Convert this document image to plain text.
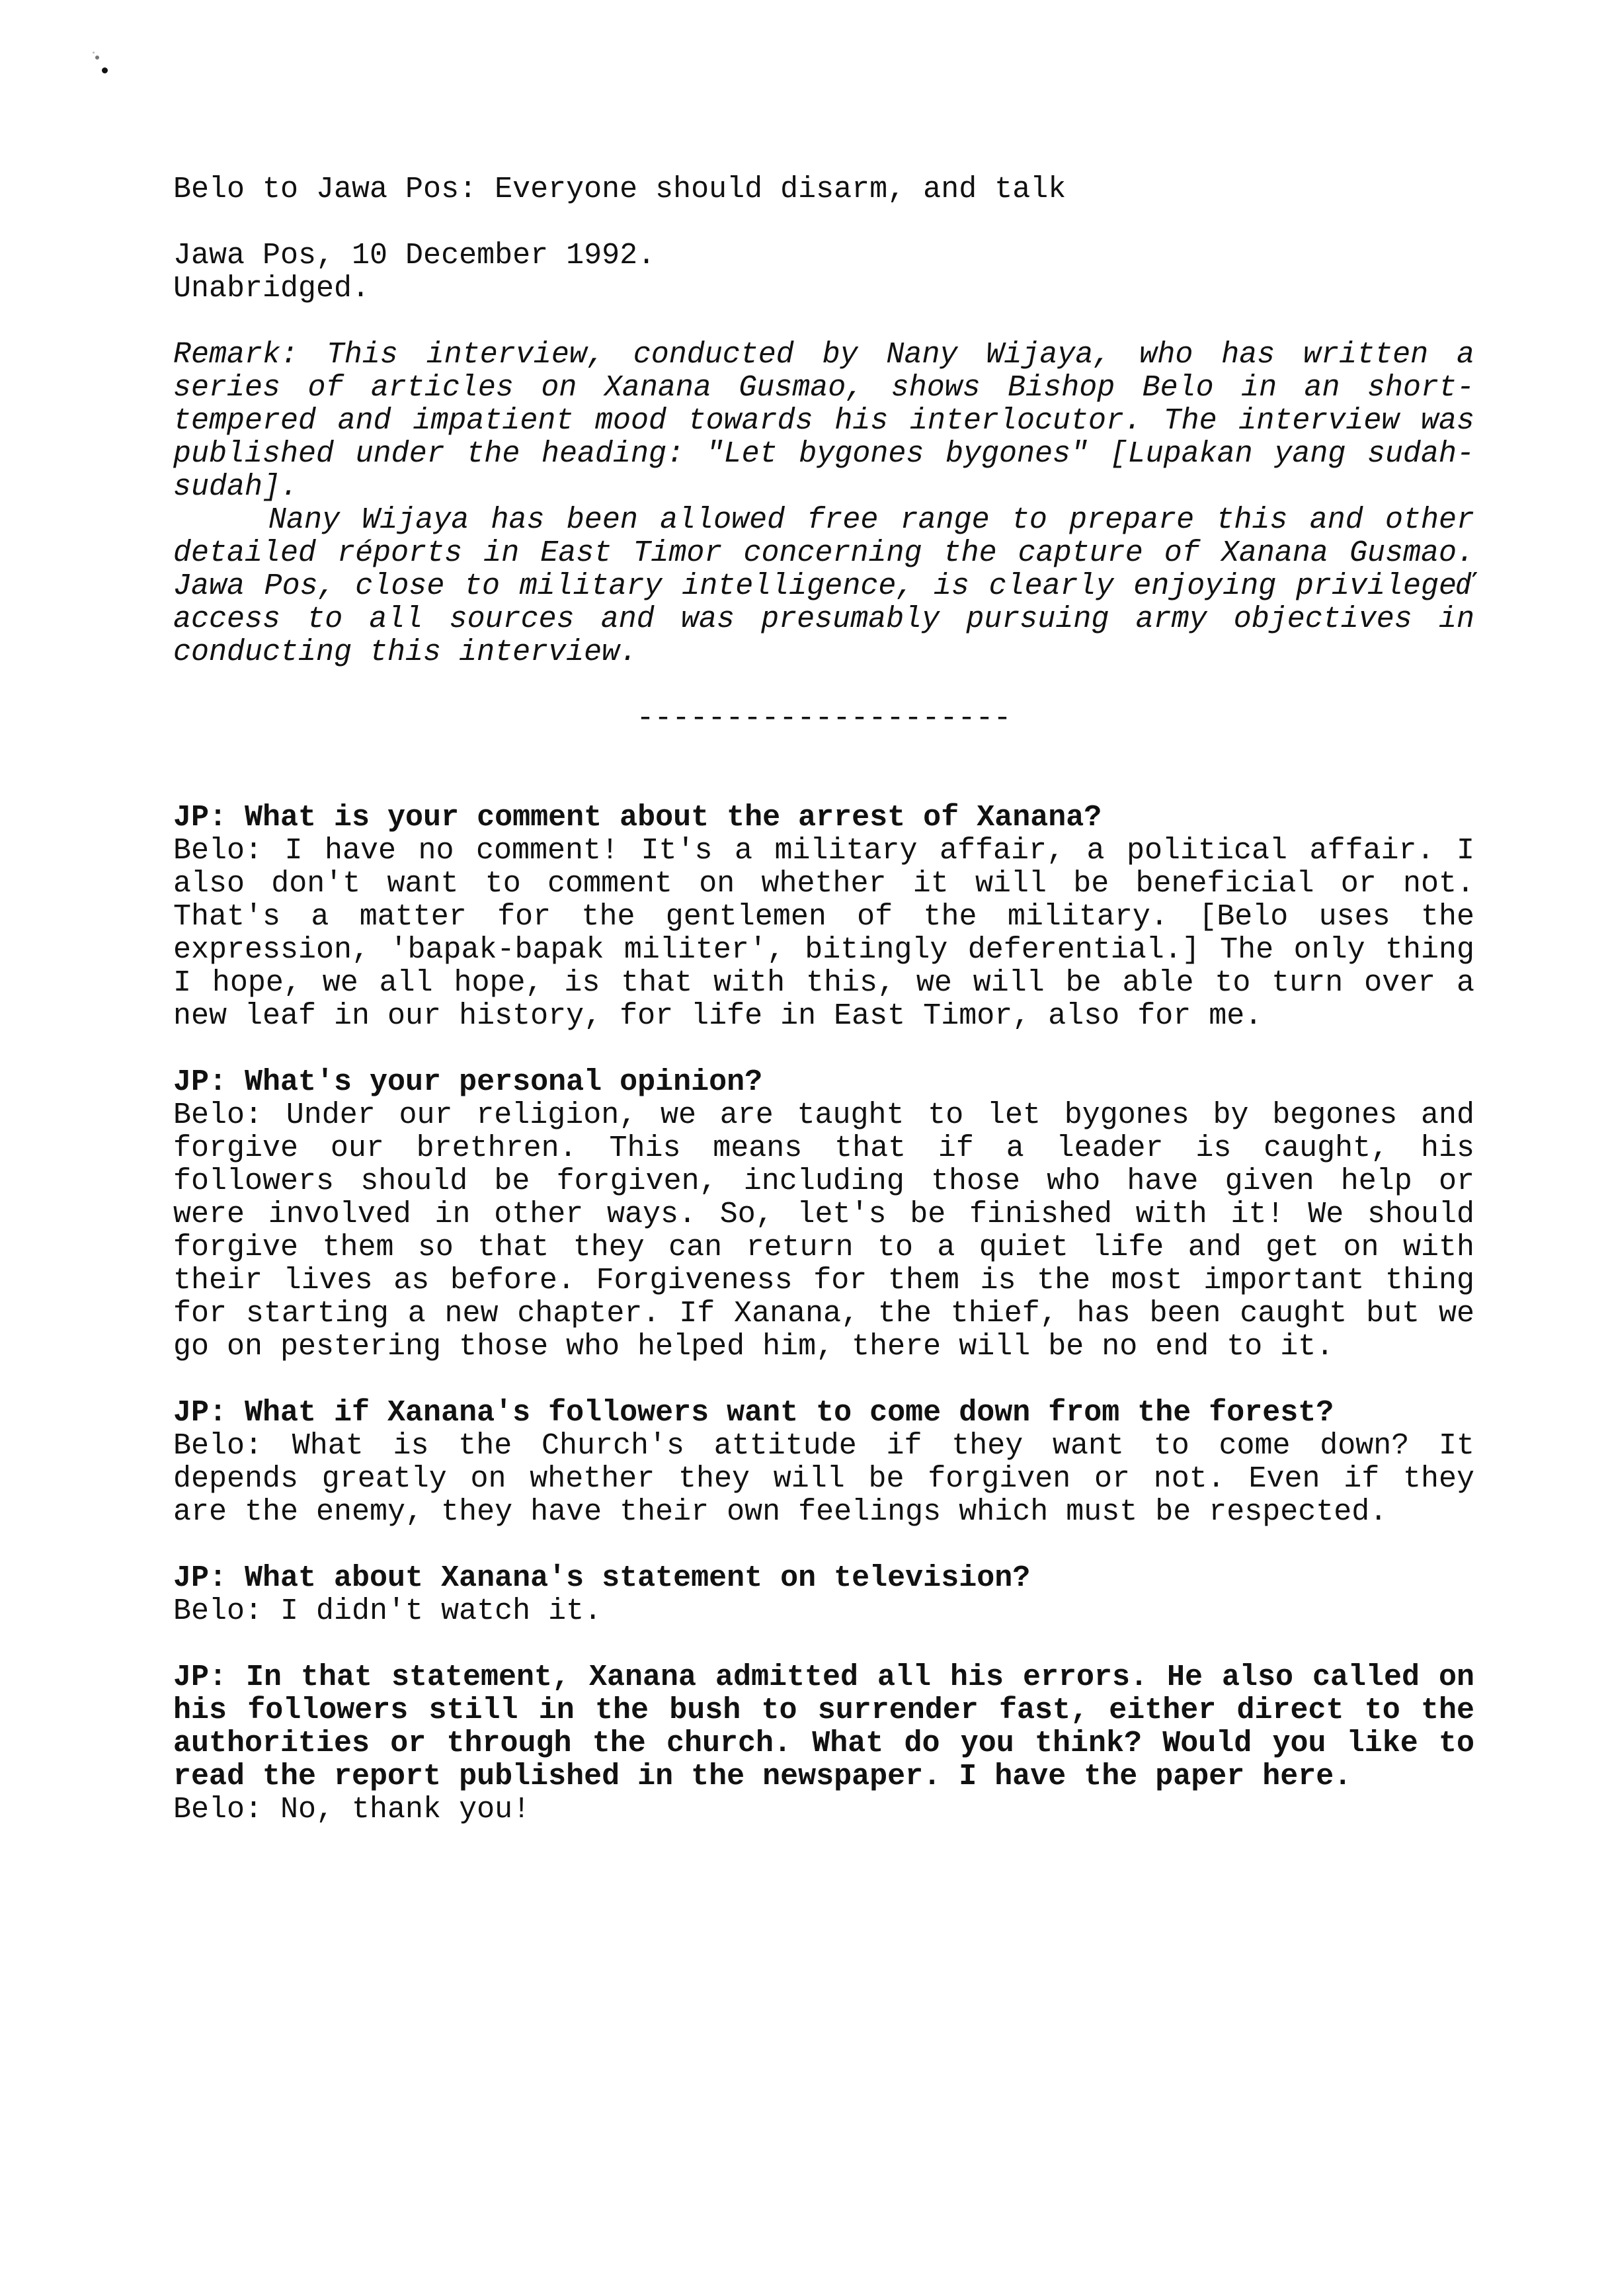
Belo to Jawa Pos: Everyone should disarm, and talk
Jawa Pos, 10 December 1992.
Unabridged.

Remark: This interview, conducted by Nany Wijaya, who has written a series of articles on Xanana Gusmao, shows Bishop Belo in an short-tempered and impatient mood towards his interlocutor. The interview was published under the heading: "Let bygones bygones" [Lupakan yang sudah-sudah].

Nany Wijaya has been allowed free range to prepare this and other detailed réports in East Timor concerning the capture of Xanana Gusmao. Jawa Pos, close to military intelligence, is clearly enjoying privilegeď access to all sources and was presumably pursuing army objectives in conducting this interview.

---------------------
JP: What is your comment about the arrest of Xanana?
Belo: I have no comment! It's a military affair, a political affair. I also don't want to comment on whether it will be beneficial or not. That's a matter for the gentlemen of the military. [Belo uses the expression, 'bapak-bapak militer', bitingly deferential.] The only thing I hope, we all hope, is that with this, we will be able to turn over a new leaf in our history, for life in East Timor, also for me.
JP: What's your personal opinion?
Belo: Under our religion, we are taught to let bygones by begones and forgive our brethren. This means that if a leader is caught, his followers should be forgiven, including those who have given help or were involved in other ways. So, let's be finished with it! We should forgive them so that they can return to a quiet life and get on with their lives as before. Forgiveness for them is the most important thing for starting a new chapter. If Xanana, the thief, has been caught but we go on pestering those who helped him, there will be no end to it.
JP: What if Xanana's followers want to come down from the forest?
Belo: What is the Church's attitude if they want to come down? It depends greatly on whether they will be forgiven or not. Even if they are the enemy, they have their own feelings which must be respected.
JP: What about Xanana's statement on television?
Belo: I didn't watch it.
JP: In that statement, Xanana admitted all his errors. He also called on his followers still in the bush to surrender fast, either direct to the authorities or through the church. What do you think? Would you like to read the report published in the newspaper. I have the paper here.
Belo: No, thank you!
